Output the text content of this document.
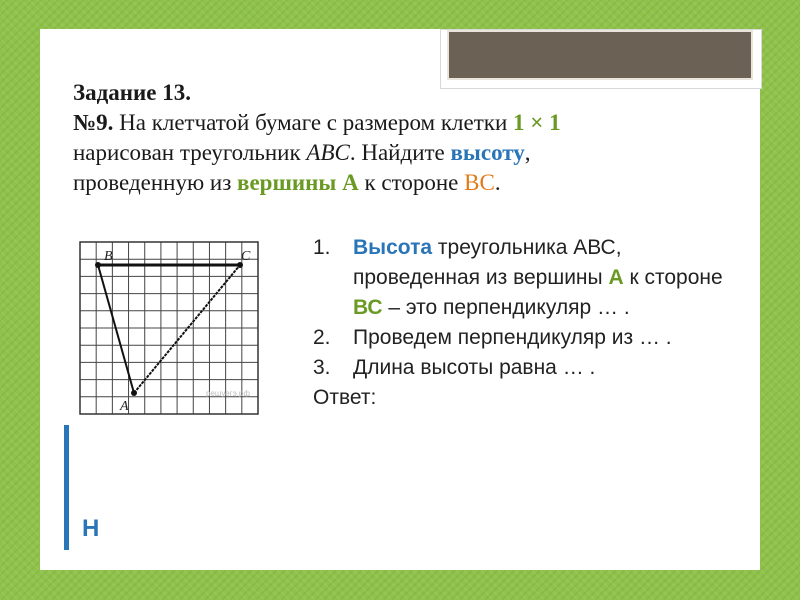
Задание 13.
№9. На клетчатой бумаге с размером клетки 1 × 1
нарисован треугольник ABC. Найдите высоту,
проведенную из вершины А к стороне ВС.
B	C
A
решуегэ.рф
1. Высота треугольника АВС, проведенная из вершины А к стороне ВС – это перпендикуляр … .
2. Проведем перпендикуляр из … .
3. Длина высоты равна … .
Ответ:
Н
